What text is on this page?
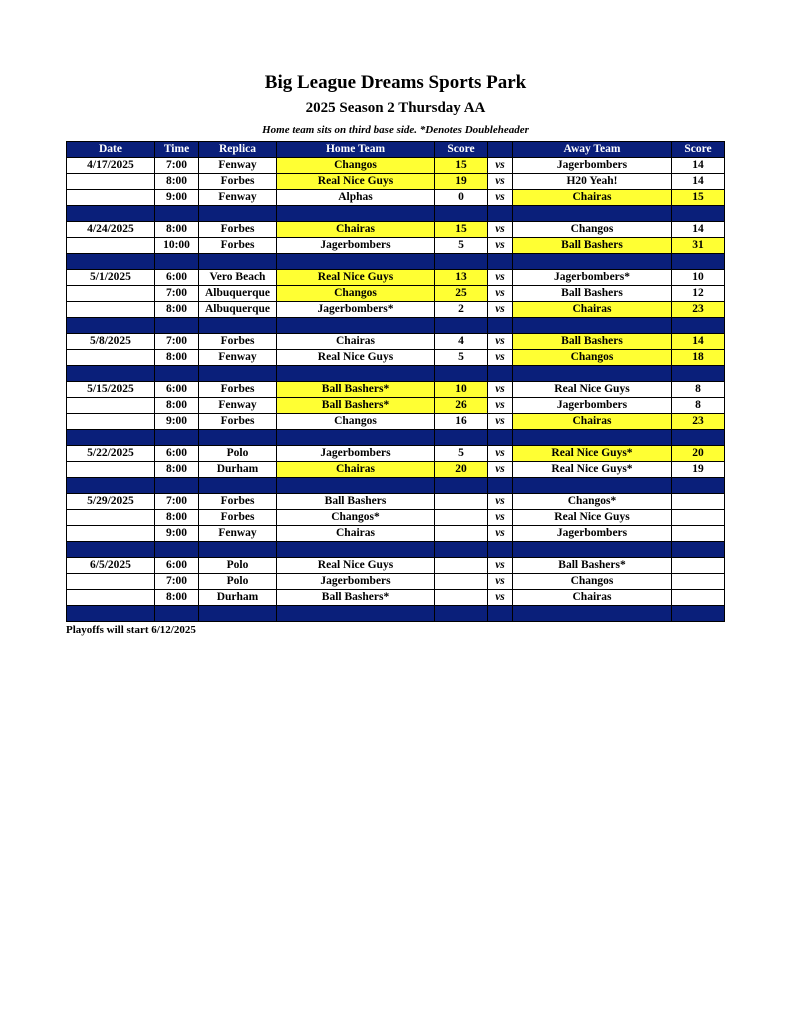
Big League Dreams Sports Park
2025 Season 2 Thursday AA
Home team sits on third base side. *Denotes Doubleheader
Date	Time	Replica	Home Team	Score		Away Team	Score
4/17/2025	7:00	Fenway	Changos	15	vs	Jagerbombers	14
	8:00	Forbes	Real Nice Guys	19	vs	H20 Yeah!	14
	9:00	Fenway	Alphas	0	vs	Chairas	15

4/24/2025	8:00	Forbes	Chairas	15	vs	Changos	14
	10:00	Forbes	Jagerbombers	5	vs	Ball Bashers	31

5/1/2025	6:00	Vero Beach	Real Nice Guys	13	vs	Jagerbombers*	10
	7:00	Albuquerque	Changos	25	vs	Ball Bashers	12
	8:00	Albuquerque	Jagerbombers*	2	vs	Chairas	23

5/8/2025	7:00	Forbes	Chairas	4	vs	Ball Bashers	14
	8:00	Fenway	Real Nice Guys	5	vs	Changos	18

5/15/2025	6:00	Forbes	Ball Bashers*	10	vs	Real Nice Guys	8
	8:00	Fenway	Ball Bashers*	26	vs	Jagerbombers	8
	9:00	Forbes	Changos	16	vs	Chairas	23

5/22/2025	6:00	Polo	Jagerbombers	5	vs	Real Nice Guys*	20
	8:00	Durham	Chairas	20	vs	Real Nice Guys*	19

5/29/2025	7:00	Forbes	Ball Bashers		vs	Changos*	
	8:00	Forbes	Changos*		vs	Real Nice Guys	
	9:00	Fenway	Chairas		vs	Jagerbombers	

6/5/2025	6:00	Polo	Real Nice Guys		vs	Ball Bashers*	
	7:00	Polo	Jagerbombers		vs	Changos	
	8:00	Durham	Ball Bashers*		vs	Chairas	

Playoffs will start 6/12/2025
